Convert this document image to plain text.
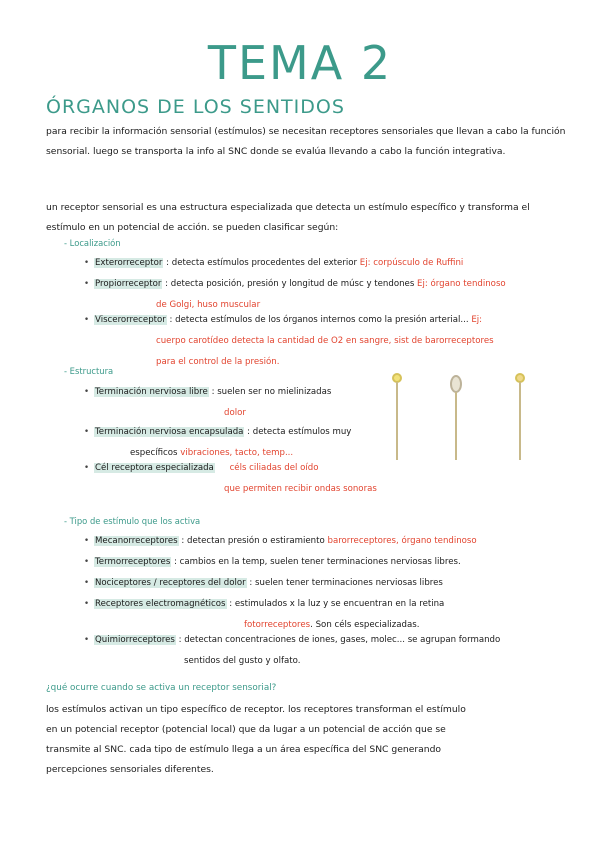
TEMA 2
ÓRGANOS DE LOS SENTIDOS
para recibir la información sensorial (estímulos) se necesitan receptores sensoriales que llevan a cabo la función sensorial. luego se transporta la info al SNC donde se evalúa llevando a cabo la función integrativa.
un receptor sensorial es una estructura especializada que detecta un estímulo específico y transforma el estímulo en un potencial de acción. se pueden clasificar según:
- Localización
• Exterorreceptor : detecta estímulos procedentes del exterior Ej: corpúsculo de Ruffini
• Propiorreceptor : detecta posición, presión y longitud de músc y tendones Ej: órgano tendinoso
de Golgi, huso muscular
• Viscerorreceptor : detecta estímulos de los órganos internos como la presión arterial... Ej:
cuerpo carotídeo detecta la cantidad de O2 en sangre, sist de barorreceptores
para el control de la presión.
- Estructura
• Terminación nerviosa libre : suelen ser no mielinizadas
dolor
• Terminación nerviosa encapsulada : detecta estímulos muy
específicos vibraciones, tacto, temp...
• Cél receptora especializada céls ciliadas del oído
que permiten recibir ondas sonoras
- Tipo de estímulo que los activa
• Mecanorreceptores : detectan presión o estiramiento barorreceptores, órgano tendinoso
• Termorreceptores : cambios en la temp, suelen tener terminaciones nerviosas libres.
• Nociceptores / receptores del dolor : suelen tener terminaciones nerviosas libres
• Receptores electromagnéticos : estimulados x la luz y se encuentran en la retina
fotorreceptores. Son céls especializadas.
• Quimiorreceptores : detectan concentraciones de iones, gases, molec... se agrupan formando
sentidos del gusto y olfato.
¿qué ocurre cuando se activa un receptor sensorial?
los estímulos activan un tipo específico de receptor. los receptores transforman el estímulo
en un potencial receptor (potencial local) que da lugar a un potencial de acción que se
transmite al SNC. cada tipo de estímulo llega a un área específica del SNC generando
percepciones sensoriales diferentes.
